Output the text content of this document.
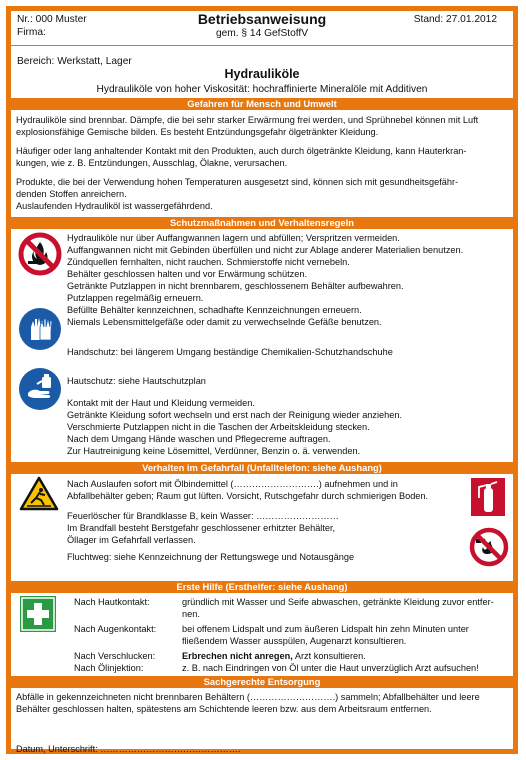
Nr.: 000 Muster
Firma:
Betriebsanweisung
gem. § 14 GefStoffV
Stand: 27.01.2012
Bereich: Werkstatt, Lager
Hydrauliköle
Hydrauliköle von hoher Viskosität: hochraffinierte Mineralöle mit Additiven
Gefahren für Mensch und Umwelt
Hydrauliköle sind brennbar. Dämpfe, die bei sehr starker Erwärmung frei werden, und Sprühnebel können mit Luft
explosionsfähige Gemische bilden. Es besteht Entzündungsgefahr ölgetränkter Kleidung.
Häufiger oder lang anhaltender Kontakt mit den Produkten, auch durch ölgetränkte Kleidung, kann Hauterkran-
kungen, wie z. B. Entzündungen, Ausschlag, Ölakne, verursachen.
Produkte, die bei der Verwendung hohen Temperaturen ausgesetzt sind, können sich mit gesundheitsgefähr-
denden Stoffen anreichern.
Auslaufenden Hydrauliköl ist wassergefährdend.
Schutzmaßnahmen und Verhaltensregeln
Hydrauliköle nur über Auffangwannen lagern und abfüllen; Verspritzen vermeiden.
Auffangwannen nicht mit Gebinden überfüllen und nicht zur Ablage anderer Materialien benutzen.
Zündquellen fernhalten, nicht rauchen. Schmierstoffe nicht vernebeln.
Behälter geschlossen halten und vor Erwärmung schützen.
Getränkte Putzlappen in nicht brennbarem, geschlossenem Behälter aufbewahren.
Putzlappen regelmäßig erneuern.
Befüllte Behälter kennzeichnen, schadhafte Kennzeichnungen erneuern.
Niemals Lebensmittelgefäße oder damit zu verwechselnde Gefäße benutzen.
Handschutz: bei längerem Umgang beständige Chemikalien-Schutzhandschuhe
Hautschutz: siehe Hautschutzplan
Kontakt mit der Haut und Kleidung vermeiden.
Getränkte Kleidung sofort wechseln und erst nach der Reinigung wieder anziehen.
Verschmierte Putzlappen nicht in die Taschen der Arbeitskleidung stecken.
Nach dem Umgang Hände waschen und Pflegecreme auftragen.
Zur Hautreinigung keine Lösemittel, Verdünner, Benzin o. ä. verwenden.
Verhalten im Gefahrfall (Unfalltelefon: siehe Aushang)
Nach Auslaufen sofort mit Ölbindemittel (……………………….) aufnehmen und in
Abfallbehälter geben; Raum gut lüften. Vorsicht, Rutschgefahr durch schmierigen Boden.
Feuerlöscher für Brandklasse B, kein Wasser: ………………………
Im Brandfall besteht Berstgefahr geschlossener erhitzter Behälter,
Öllager im Gefahrfall verlassen.
Fluchtweg: siehe Kennzeichnung der Rettungswege und Notausgänge
Erste Hilfe (Ersthelfer: siehe Aushang)
Nach Hautkontakt:	gründlich mit Wasser und Seife abwaschen, getränkte Kleidung zuvor entfer-
nen.
Nach Augenkontakt:	bei offenem Lidspalt und zum äußeren Lidspalt hin zehn Minuten unter
fließendem Wasser ausspülen, Augenarzt konsultieren.
Nach Verschlucken:	Erbrechen nicht anregen, Arzt konsultieren.
Nach Ölinjektion:	z. B. nach Eindringen von Öl unter die Haut unverzüglich Arzt aufsuchen!
Sachgerechte Entsorgung
Abfälle in gekennzeichneten nicht brennbaren Behältern (……………………….) sammeln; Abfallbehälter und leere
Behälter geschlossen halten, spätestens am Schichtende leeren bzw. aus dem Arbeitsraum entfernen.
Datum, Unterschrift: ……………………………………….
